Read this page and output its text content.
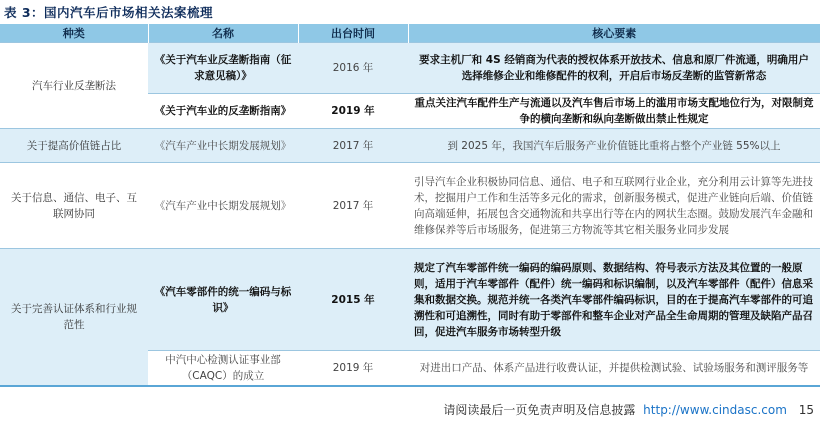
表 3：国内汽车后市场相关法案梳理
种类	名称	出台时间	核心要素
汽车行业反垄断法	《关于汽车业反垄断指南（征求意见稿）》	2016 年	要求主机厂和 4S 经销商为代表的授权体系开放技术、信息和原厂件流通，明确用户选择维修企业和维修配件的权利，开启后市场反垄断的监管新常态
	《关于汽车业的反垄断指南》	2019 年	重点关注汽车配件生产与流通以及汽车售后市场上的滥用市场支配地位行为，对限制竞争的横向垄断和纵向垄断做出禁止性规定
关于提高价值链占比	《汽车产业中长期发展规划》	2017 年	到 2025 年，我国汽车后服务产业价值链比重将占整个产业链 55%以上
关于信息、通信、电子、互联网协同	《汽车产业中长期发展规划》	2017 年	引导汽车企业积极协同信息、通信、电子和互联网行业企业，充分利用云计算等先进技术，挖掘用户工作和生活等多元化的需求，创新服务模式，促进产业链向后端、价值链向高端延伸，拓展包含交通物流和共享出行等在内的网状生态圈。鼓励发展汽车金融和维修保养等后市场服务，促进第三方物流等其它相关服务业同步发展
关于完善认证体系和行业规范性	《汽车零部件的统一编码与标识》	2015 年	规定了汽车零部件统一编码的编码原则、数据结构、符号表示方法及其位置的一般原则，适用于汽车零部件（配件）统一编码和标识编制，以及汽车零部件（配件）信息采集和数据交换。规范并统一各类汽车零部件编码标识，目的在于提高汽车零部件的可追溯性和可追溯性，同时有助于零部件和整车企业对产品全生命周期的管理及缺陷产品召回，促进汽车服务市场转型升级
	中汽中心检测认证事业部（CAQC）的成立	2019 年	对进出口产品、体系产品进行收费认证，并提供检测试验、试验场服务和测评服务等
请阅读最后一页免责声明及信息披露 http://www.cindasc.com 15
